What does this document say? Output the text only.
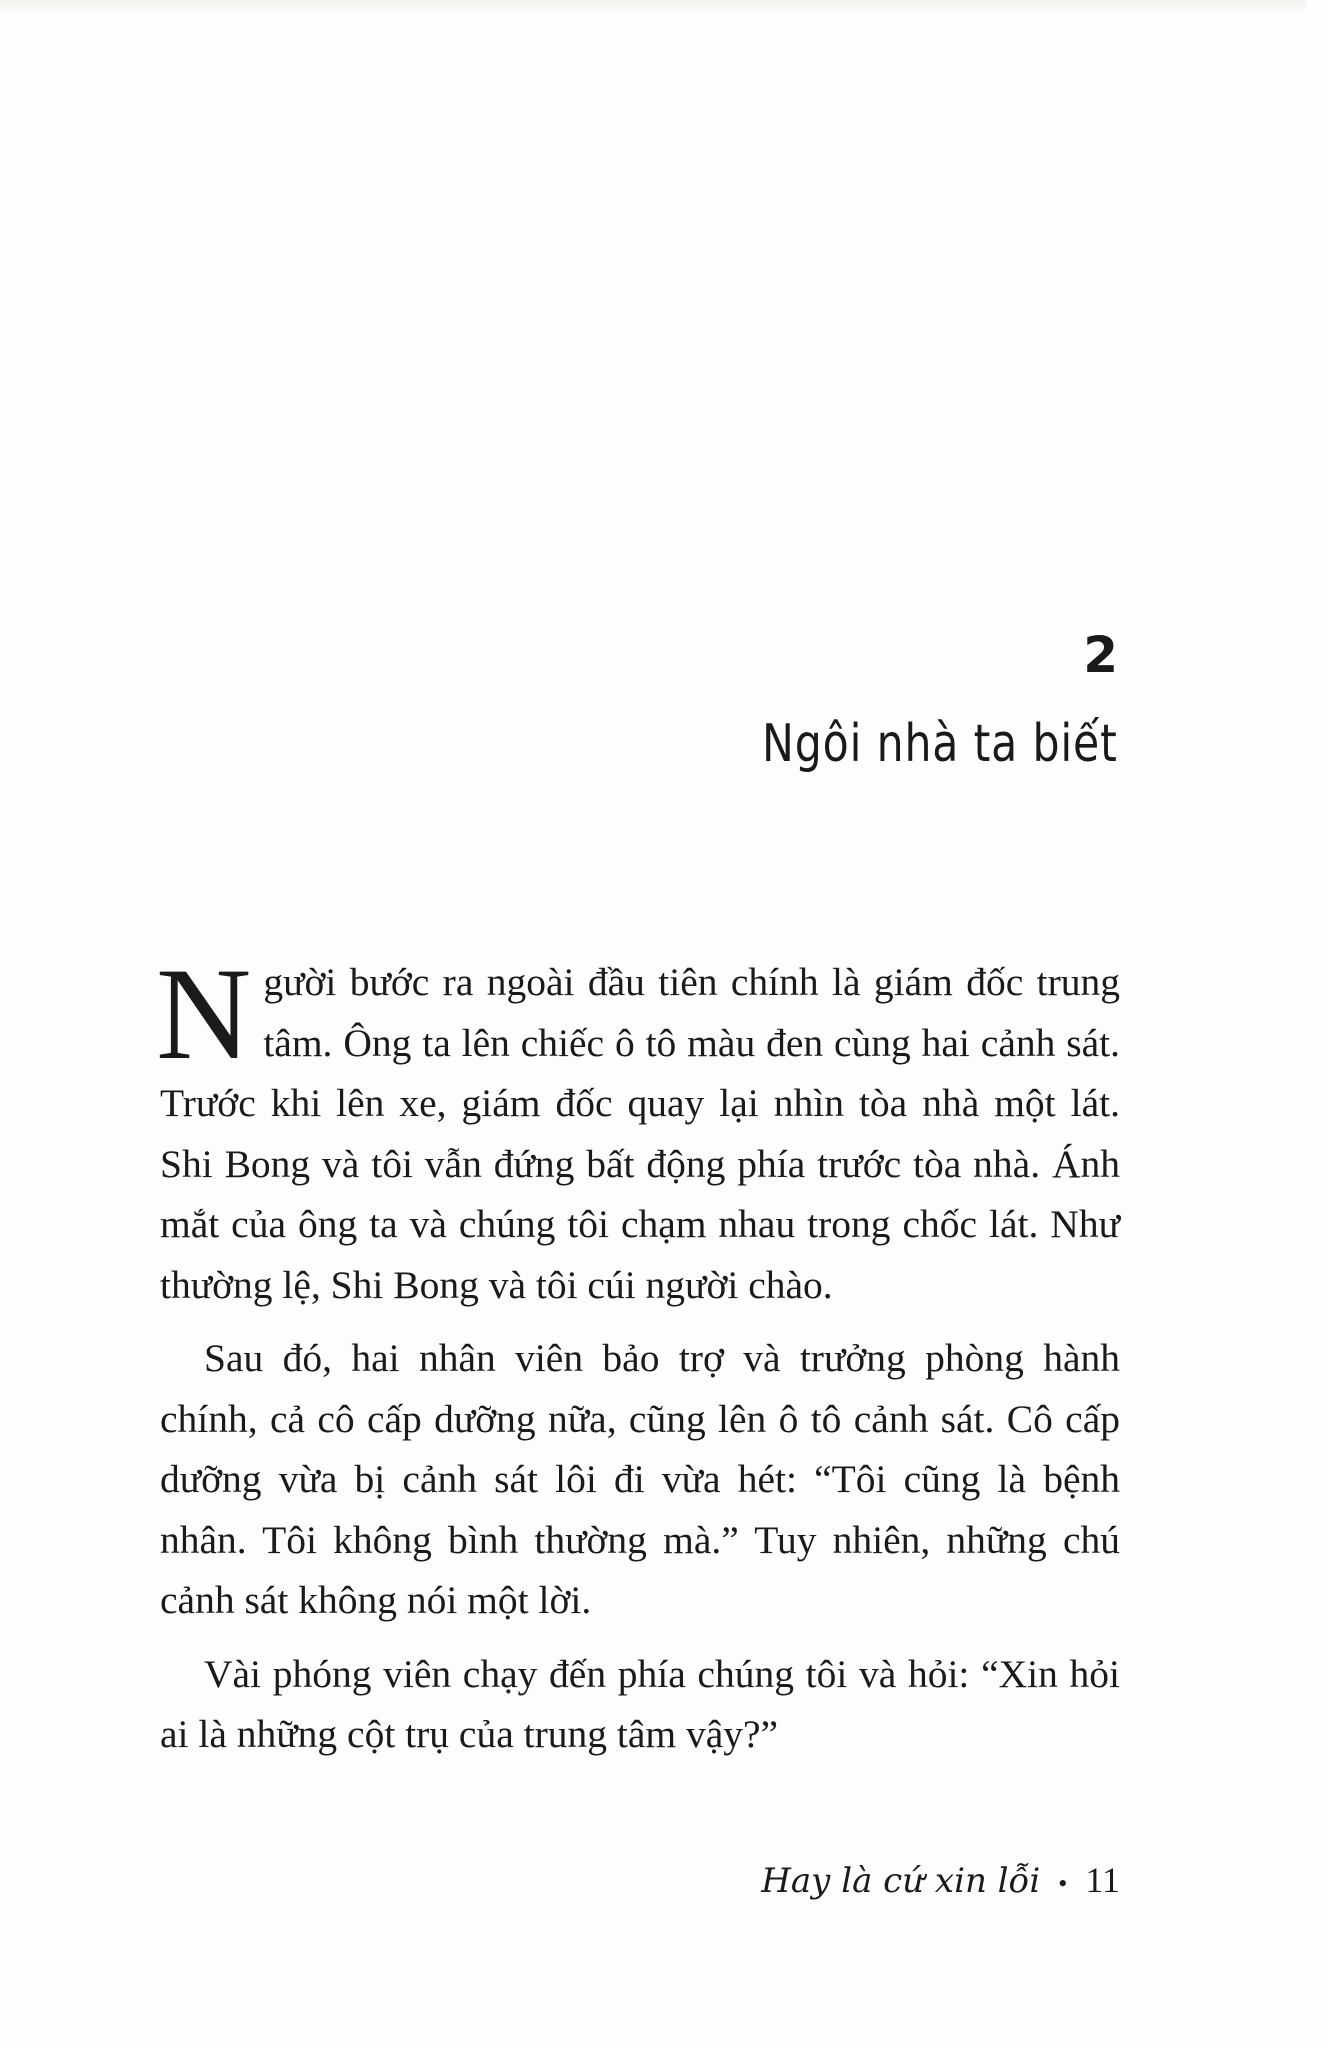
2
Ngôi nhà ta biết

Người bước ra ngoài đầu tiên chính là giám đốc trung tâm. Ông ta lên chiếc ô tô màu đen cùng hai cảnh sát. Trước khi lên xe, giám đốc quay lại nhìn tòa nhà một lát. Shi Bong và tôi vẫn đứng bất động phía trước tòa nhà. Ánh mắt của ông ta và chúng tôi chạm nhau trong chốc lát. Như thường lệ, Shi Bong và tôi cúi người chào.

Sau đó, hai nhân viên bảo trợ và trưởng phòng hành chính, cả cô cấp dưỡng nữa, cũng lên ô tô cảnh sát. Cô cấp dưỡng vừa bị cảnh sát lôi đi vừa hét: “Tôi cũng là bệnh nhân. Tôi không bình thường mà.” Tuy nhiên, những chú cảnh sát không nói một lời.

Vài phóng viên chạy đến phía chúng tôi và hỏi: “Xin hỏi ai là những cột trụ của trung tâm vậy?”

Hay là cứ xin lỗi • 11
